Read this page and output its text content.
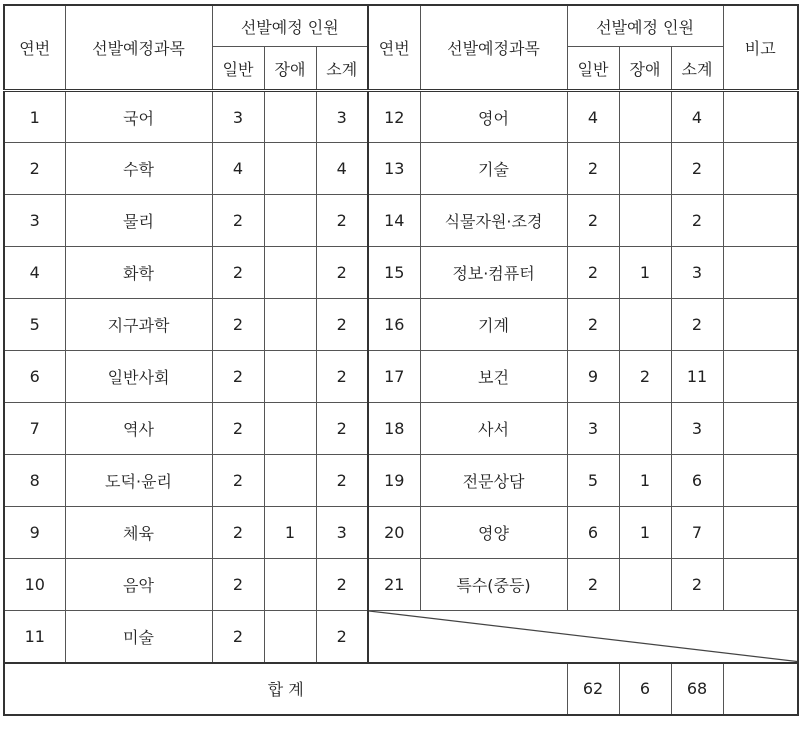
연번	선발예정과목	선발예정 인원			연번	선발예정과목	선발예정 인원			비고
		일반	장애	소계			일반	장애	소계	
1	국어	3		3	12	영어	4		4	
2	수학	4		4	13	기술	2		2	
3	물리	2		2	14	식물자원·조경	2		2	
4	화학	2		2	15	정보·컴퓨터	2	1	3	
5	지구과학	2		2	16	기계	2		2	
6	일반사회	2		2	17	보건	9	2	11	
7	역사	2		2	18	사서	3		3	
8	도덕·윤리	2		2	19	전문상담	5	1	6	
9	체육	2	1	3	20	영양	6	1	7	
10	음악	2		2	21	특수(중등)	2		2	
11	미술	2		2	

합 계							62	6	68	
